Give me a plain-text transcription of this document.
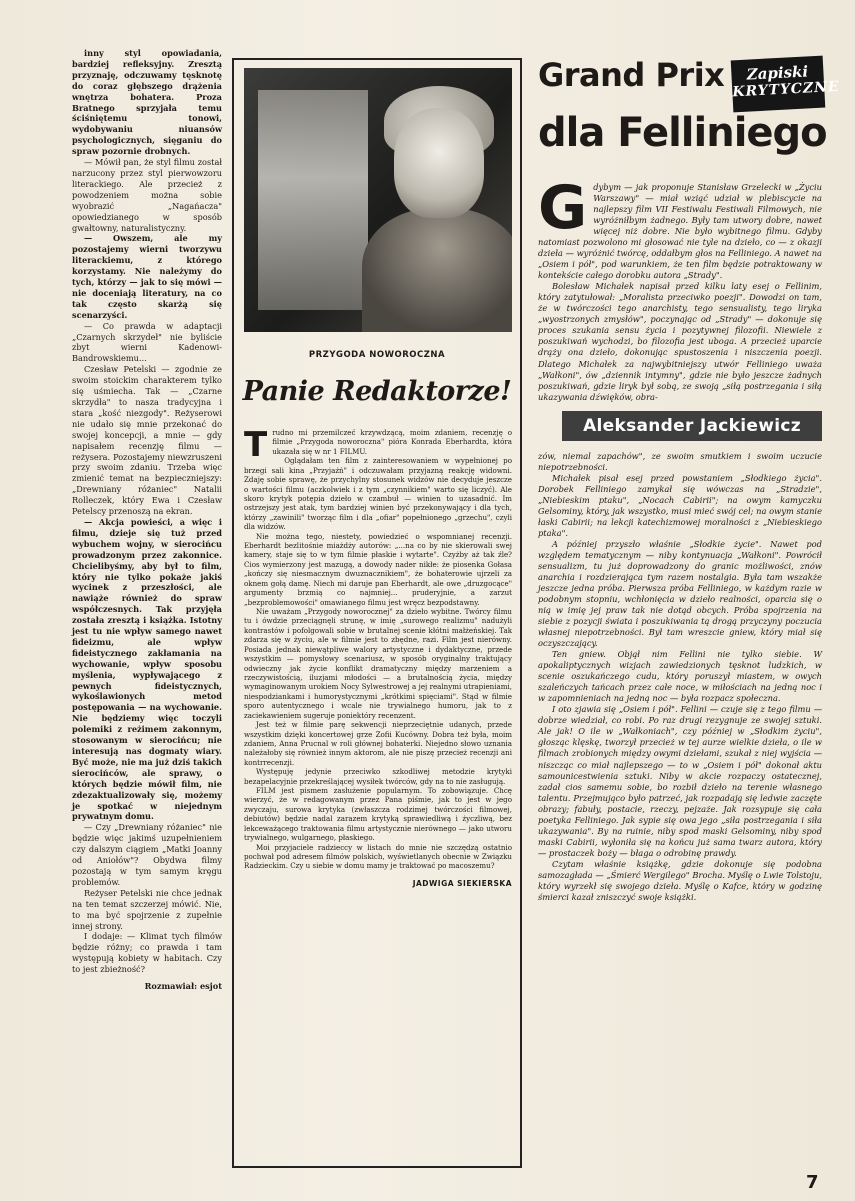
inny styl opowiadania, bardziej refleksyjny. Zresztą przyznaję, odczuwamy tęsknotę do coraz głębszego drążenia wnętrza bohatera. Proza Bratnego sprzyjała temu ściśniętemu tonowi, wydobywaniu niuansów psychologicznych, sięganiu do spraw pozornie drobnych.

— Mówił pan, że styl filmu został narzucony przez styl pierwowzoru literackiego. Ale przecież z powodzeniem można sobie wyobrazić „Nagańacza" opowiedzianego w sposób gwałtowny, naturalistyczny.

— Owszem, ale my pozostajemy wierni tworzywu literackiemu, z którego korzystamy. Nie należymy do tych, którzy — jak to się mówi — nie doceniają literatury, na co tak często skarżą się scenarzyści.

— Co prawda w adaptacji „Czarnych skrzydeł" nie byliście zbyt wierni Kadenowi-Bandrowskiemu...

Czesław Petelski — zgodnie ze swoim stoickim charakterem tylko się uśmiecha. Tak — „Czarne skrzydła" to nasza tradycyjna i stara „kość niezgody". Reżyserowi nie udało się mnie przekonać do swojej koncepcji, a mnie — gdy napisałem recenzję filmu — reżysera. Pozostajemy niewzruszeni przy swoim zdaniu. Trzeba więc zmienić temat na bezpieczniejszy: „Drewniany różaniec" Natalii Rolleczek, który Ewa i Czesław Petelscy przenoszą na ekran.

— Akcja powieści, a więc i filmu, dzieje się tuż przed wybuchem wojny, w sierocińcu prowadzonym przez zakonnice. Chcielibyśmy, aby był to film, który nie tylko pokaże jakiś wycinek z przeszłości, ale nawiąże również do spraw współczesnych. Tak przyjęła została zresztą i książka. Istotny jest tu nie wpływ samego nawet fideizmu, ale wpływ fideistycznego zakłamania na wychowanie, wpływ sposobu myślenia, wypływającego z pewnych fideistycznych, wykoślawionych metod postępowania — na wychowanie. Nie będziemy więc toczyli polemiki z reżimem zakonnym, stosowanym w sierocińcu; nie interesują nas dogmaty wiary. Być może, nie ma już dziś takich sierocińców, ale sprawy, o których będzie mówił film, nie zdezaktualizowały się, możemy je spotkać w niejednym prywatnym domu.

— Czy „Drewniany różaniec" nie będzie więc jakimś uzupełnieniem czy dalszym ciągiem „Matki Joanny od Aniołów"? Obydwa filmy pozostają w tym samym kręgu problemów.

Reżyser Petelski nie chce jednak na ten temat szczerzej mówić. Nie, to ma być spojrzenie z zupełnie innej strony.

I dodaje: — Klimat tych filmów będzie różny; co prawda i tam występują kobiety w habitach. Czy to jest zbieżność?

Rozmawiał: esjot

PRZYGODA NOWOROCZNA
Panie Redaktorze!

Trudno mi przemilczeć krzywdzącą, moim zdaniem, recenzję o filmie „Przygoda noworoczna" pióra Konrada Eberhardta, która ukazała się w nr 1 FILMU.

Oglądałam ten film z zainteresowaniem w wypełnionej po brzegi sali kina „Przyjaźń" i odczuwałam przyjazną reakcję widowni. Zdaję sobie sprawę, że przychylny stosunek widzów nie decyduje jeszcze o wartości filmu (aczkolwiek i z tym „czynnikiem" warto się liczyć). Ale skoro krytyk potępia dzieło w czambuł — winien to uzasadnić. Im ostrzejszy jest atak, tym bardziej winien być przekonywający i dla tych, którzy „zawinili" tworząc film i dla „ofiar" popełnionego „grzechu", czyli dla widzów.

Nie można tego, niestety, powiedzieć o wspomnianej recenzji. Eberhardt bezlitośnie miażdży autorów: „...na co by nie skierowali swej kamery, staje się to w tym filmie płaskie i wytarte". Czyżby aż tak źle? Cios wymierzony jest mazugą, a dowody nader nikłe: że piosenka Gołasa „kończy się niesmacznym dwuznacznikiem", że bohaterowie ujrzeli za oknem gołą damę. Niech mi daruje pan Eberhardt, ale owe „druzgocące" argumenty brzmią co najmniej... pruderyjnie, a zarzut „bezproblemowości" omawianego filmu jest wręcz bezpodstawny.

Nie uważam „Przygody noworocznej" za dzieło wybitne. Twórcy filmu tu i ówdzie przeciągnęli strunę, w imię „surowego realizmu" nadużyli kontrastów i pofolgowali sobie w brutalnej scenie kłótni małżeńskiej. Tak zdarza się w życiu, ale w filmie jest to zbędne, razi. Film jest nierówny. Posiada jednak niewątpliwe walory artystyczne i dydaktyczne, przede wszystkim — pomysłowy scenariusz, w sposób oryginalny traktujący odwieczny jak życie konflikt dramatyczny między marzeniem a rzeczywistością, iluzjami młodości — a brutalnością życia, między wymaginowanym urokiem Nocy Sylwestrowej a jej realnymi utrapieniami, niespodziankami i humorystycznymi „krótkimi spięciami". Stąd w filmie sporo autentycznego i wcale nie trywialnego humoru, jak to z zaciekawieniem sugeruje poniektóry recenzent.

Jest też w filmie parę sekwencji nieprzeciętnie udanych, przede wszystkim dzięki koncertowej grze Zofii Kucówny. Dobra też była, moim zdaniem, Anna Prucnal w roli głównej bohaterki. Niejedno słowo uznania należałoby się również innym aktorom, ale nie piszę przecież recenzji ani kontrrecenzji.

Występuję jedynie przeciwko szkodliwej metodzie krytyki bezapelacyjnie przekreślającej wysiłek twórców, gdy na to nie zasługują.

FILM jest pismem zasłużenie popularnym. To zobowiązuje. Chcę wierzyć, że w redagowanym przez Pana piśmie, jak to jest w jego zwyczaju, surowa krytyka (zwłaszcza rodzimej twórczości filmowej, debiutów) będzie nadal zarazem krytyką sprawiedliwą i życzliwą, bez lekceważącego traktowania filmu artystycznie nierównego — jako utworu trywialnego, wulgarnego, płaskiego.

Moi przyjaciele radzieccy w listach do mnie nie szczędzą ostatnio pochwał pod adresem filmów polskich, wyświetlanych obecnie w Związku Radzieckim. Czy u siebie w domu mamy je traktować po macoszemu?

JADWIGA SIEKIERSKA

Grand Prix	Zapiski
KRYTYCZNE
dla Felliniego

Gdybym — jak proponuje Stanisław Grzelecki w „Życiu Warszawy" — miał wziąć udział w plebiscycie na najlepszy film VII Festiwalu Festiwali Filmowych, nie wyróżniłbym żadnego. Były tam utwory dobre, nawet więcej niż dobre. Nie było wybitnego filmu. Gdyby natomiast pozwolono mi głosować nie tyle na dzieło, co — z okazji dzieła — wyróżnić twórcę, oddałbym głos na Felliniego. A nawet na „Osiem i pół", pod warunkiem, że ten film będzie potraktowany w kontekście całego dorobku autora „Strady".

Bolesław Michałek napisał przed kilku laty esej o Fellinim, który zatytułował: „Moralista przeciwko poezji". Dowodzi on tam, że w twórczości tego anarchisty, tego sensualisty, tego liryka „wyostrzonych zmysłów", poczynając od „Strady" — dokonuje się proces szukania sensu życia i pozytywnej filozofii. Niewiele z poszukiwań wychodzi, bo filozofia jest uboga. A przecież uparcie drąży ona dzieło, dokonując spustoszenia i niszczenia poezji. Dlatego Michałek za najwybitniejszy utwór Felliniego uważa „Wałkoni", ów „dziennik intymny", gdzie nie było jeszcze żadnych poszukiwań, gdzie liryk był sobą, ze swoją „siłą postrzegania i siłą ukazywania dźwięków, obra-

Aleksander Jackiewicz

zów, niemal zapachów", ze swoim smutkiem i swoim uczucie niepotrzebności.

Michałek pisał esej przed powstaniem „Słodkiego życia". Dorobek Felliniego zamykał się wówczas na „Stradzie", „Niebieskim ptaku", „Nocach Cabirii"; na owym kamyczku Gelsominy, który, jak wszystko, musi mieć swój cel; na owym stanie łaski Cabirii; na lekcji katechizmowej moralności z „Niebieskiego ptaka".

A później przyszło właśnie „Słodkie życie". Nawet pod względem tematycznym — niby kontynuacja „Wałkoni". Powrócił sensualizm, tu już doprowadzony do granic możliwości, znów anarchia i rozdzierająca tym razem nostalgia. Była tam wszakże jeszcze jedna próba. Pierwsza próba Felliniego, w każdym razie w podobnym stopniu, wchłonięcia w dzieło realności, oparcia się o nią w imię jej praw tak nie dotąd obcych. Próba spojrzenia na siebie z pozycji świata i poszukiwania tą drogą przyczyny poczucia własnej niepotrzebności. Był tam wreszcie gniew, który miał się oczyszczający.

Ten gniew. Objął nim Fellini nie tylko siebie. W apokaliptycznych wizjach zawiedzionych tęsknot ludzkich, w scenie oszukańczego cudu, który poruszył miastem, w owych szaleńczych tańcach przez całe noce, w miłościach na jedną noc i w zapomnieniach na jedną noc — była rozpacz społeczna.

I oto zjawia się „Osiem i pół". Fellini — czuje się z tego filmu — dobrze wiedział, co robi. Po raz drugi rezygnuje ze swojej sztuki. Ale jak! O ile w „Wałkoniach", czy później w „Słodkim życiu", głosząc klęskę, tworzył przecież w tej aurze wielkie dzieła, o ile w filmach zrobionych między owymi dziełami, szukał z niej wyjścia — niszcząc co miał najlepszego — to w „Osiem i pół" dokonał aktu samounicestwienia sztuki. Niby w akcie rozpaczy ostatecznej, zadał cios samemu sobie, bo rozbił dzieło na terenie własnego talentu. Przejmująco było patrzeć, jak rozpadają się ledwie zaczęte obrazy; fabuły, postacie, rzeczy, pejzaże. Jak rozsypuje się cała poetyka Felliniego. Jak sypie się owa jego „siła postrzegania i siła ukazywania". By na ruinie, niby spod maski Gelsominy, niby spod maski Cabirii, wyłoniła się na końcu już sama twarz autora, który — prostaczek boży — błaga o odrobinę prawdy.

Czytam właśnie książkę, gdzie dokonuje się podobna samozagłada — „Śmierć Wergilego" Brocha. Myślę o Lwie Tolstoju, który wyrzekł się swojego dzieła. Myślę o Kafce, który w godzinę śmierci kazał zniszczyć swoje książki.

7
